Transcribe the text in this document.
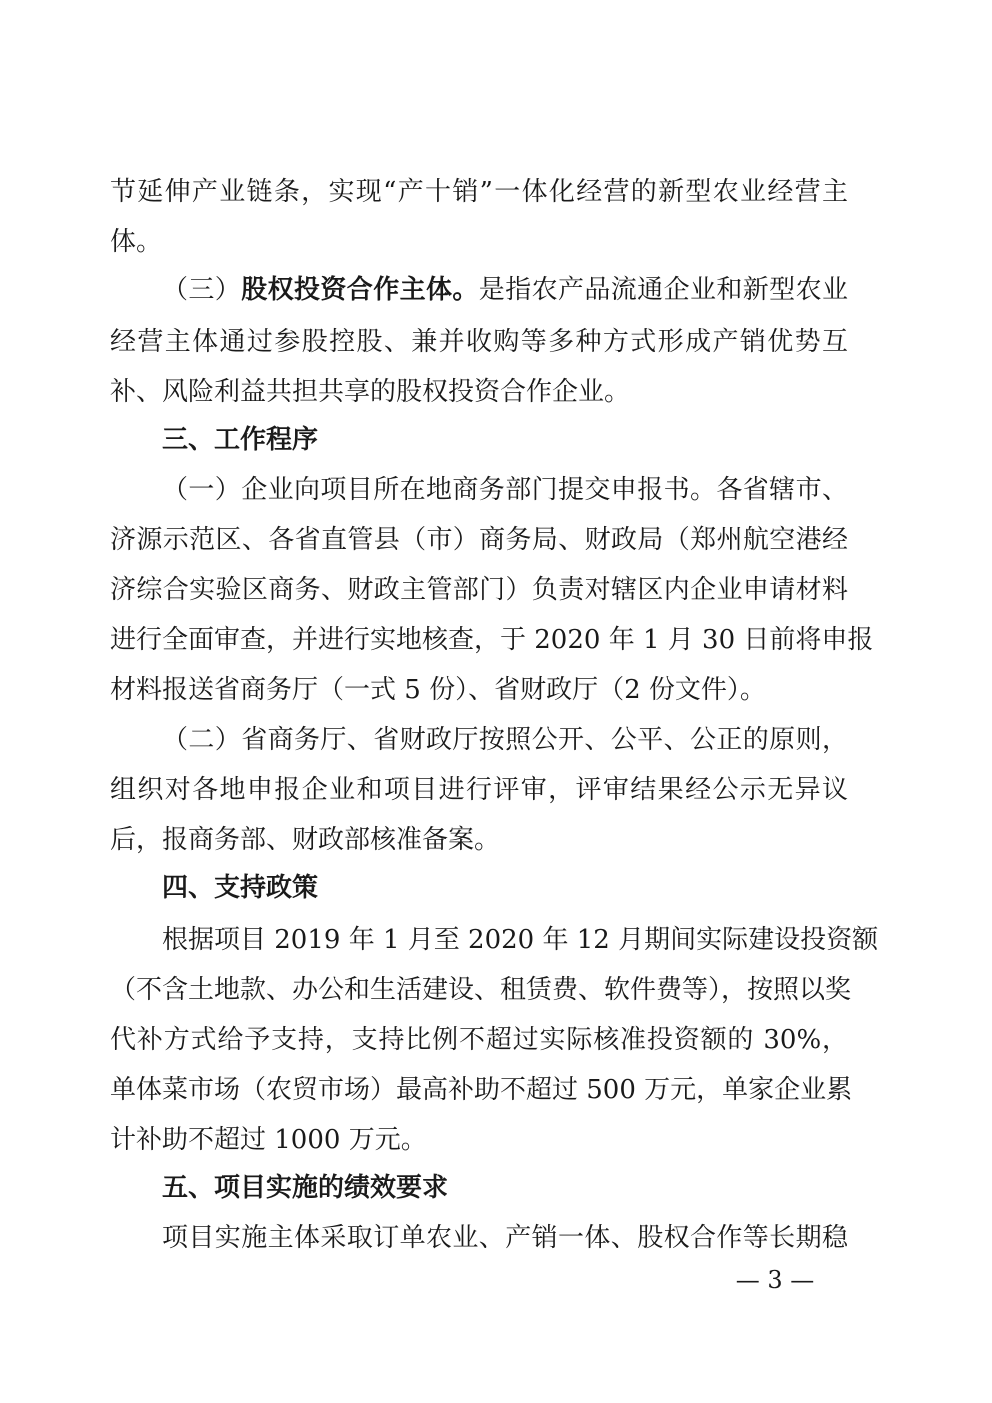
节延伸产业链条，实现“产十销”一体化经营的新型农业经营主
体。
（三）股权投资合作主体。是指农产品流通企业和新型农业
经营主体通过参股控股、兼并收购等多种方式形成产销优势互
补、风险利益共担共享的股权投资合作企业。
三、工作程序
（一）企业向项目所在地商务部门提交申报书。各省辖市、
济源示范区、各省直管县（市）商务局、财政局（郑州航空港经
济综合实验区商务、财政主管部门）负责对辖区内企业申请材料
进行全面审查，并进行实地核查，于 2020 年 1 月 30 日前将申报
材料报送省商务厅（一式 5 份）、省财政厅（2 份文件）。
（二）省商务厅、省财政厅按照公开、公平、公正的原则，
组织对各地申报企业和项目进行评审，评审结果经公示无异议
后，报商务部、财政部核准备案。
四、支持政策
根据项目 2019 年 1 月至 2020 年 12 月期间实际建设投资额
（不含土地款、办公和生活建设、租赁费、软件费等），按照以奖
代补方式给予支持，支持比例不超过实际核准投资额的 30%，
单体菜市场（农贸市场）最高补助不超过 500 万元，单家企业累
计补助不超过 1000 万元。
五、项目实施的绩效要求
项目实施主体采取订单农业、产销一体、股权合作等长期稳
— 3 —
